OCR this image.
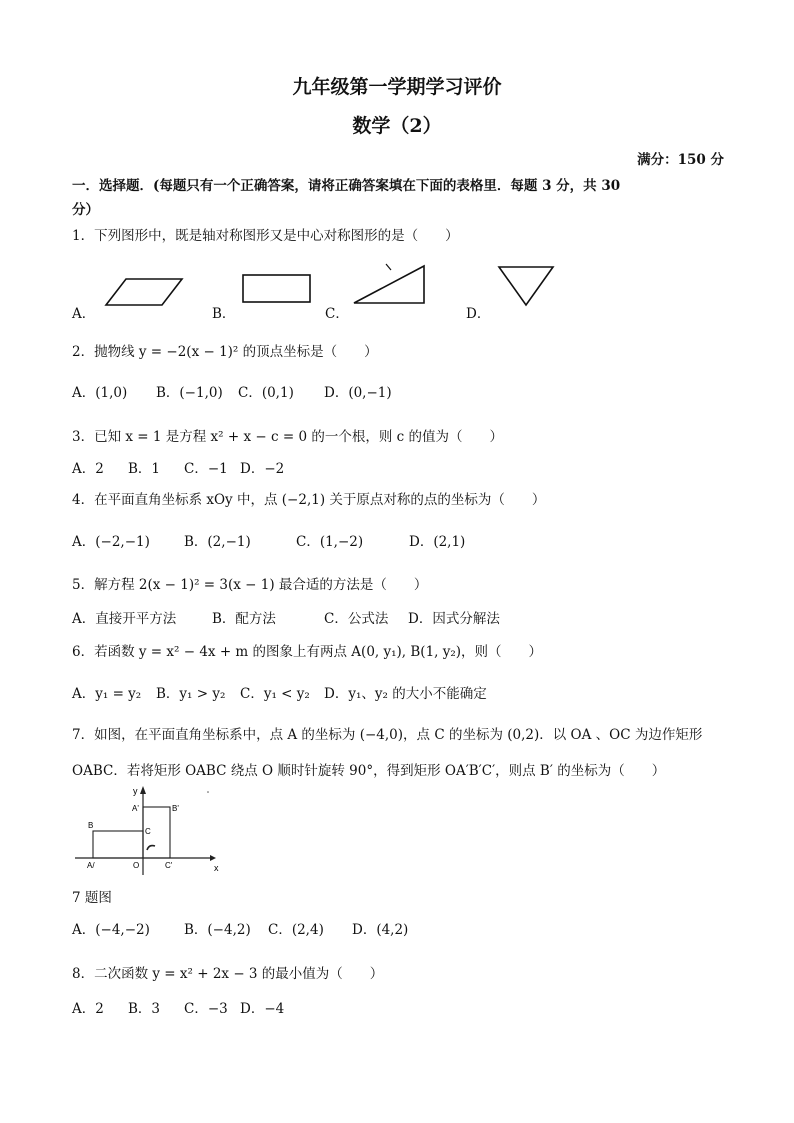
九年级第一学期学习评价
数学（2）
满分：150 分
一．选择题．(每题只有一个正确答案，请将正确答案填在下面的表格里．每题 3 分，共 30
分）
1．下列图形中，既是轴对称图形又是中心对称图形的是（　　）
A．	B．	C．	D．
2．抛物线 y = −2(x − 1)² 的顶点坐标是（　　）
A．(1,0) B．(−1,0) C．(0,1) D．(0,−1)
3．已知 x = 1 是方程 x² + x − c = 0 的一个根，则 c 的值为（　　）
A．2 B．1 C．−1 D．−2
4．在平面直角坐标系 xOy 中，点 (−2,1) 关于原点对称的点的坐标为（　　）
A．(−2,−1)	B．(2,−1)	C．(1,−2)	D．(2,1)
5．解方程 2(x − 1)² = 3(x − 1) 最合适的方法是（　　）
A．直接开平方法	B．配方法	C．公式法 D．因式分解法
6．若函数 y = x² − 4x + m 的图象上有两点 A(0, y₁), B(1, y₂)，则（　　）
A．y₁ = y₂ B．y₁ > y₂ C．y₁ < y₂ D．y₁、y₂ 的大小不能确定
7．如图，在平面直角坐标系中，点 A 的坐标为 (−4,0)，点 C 的坐标为 (0,2)．以 OA 、OC 为边作矩形
OABC．若将矩形 OABC 绕点 O 顺时针旋转 90°，得到矩形 OA′B′C′，则点 B′ 的坐标为（　　）
y
x
A'	B'
B
C
A/	O	C'
7 题图
A．(−4,−2)	B．(−4,2) C．(2,4) D．(4,2)
8．二次函数 y = x² + 2x − 3 的最小值为（　　）
A．2 B．3 C．−3 D．−4
